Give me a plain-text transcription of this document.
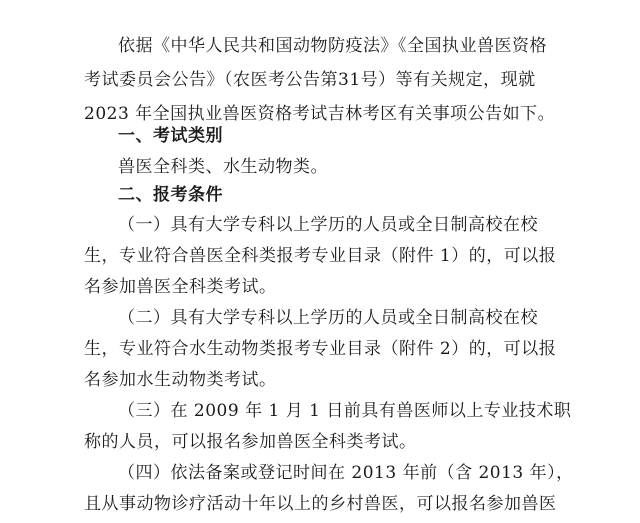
依据《中华人民共和国动物防疫法》《全国执业兽医资格
考试委员会公告》（农医考公告第31号）等有关规定，现就
2023 年全国执业兽医资格考试吉林考区有关事项公告如下。
一、考试类别
兽医全科类、水生动物类。
二、报考条件
（一）具有大学专科以上学历的人员或全日制高校在校
生，专业符合兽医全科类报考专业目录（附件 1）的，可以报
名参加兽医全科类考试。
（二）具有大学专科以上学历的人员或全日制高校在校
生，专业符合水生动物类报考专业目录（附件 2）的，可以报
名参加水生动物类考试。
（三）在 2009 年 1 月 1 日前具有兽医师以上专业技术职
称的人员，可以报名参加兽医全科类考试。
（四）依法备案或登记时间在 2013 年前（含 2013 年），
且从事动物诊疗活动十年以上的乡村兽医，可以报名参加兽医
